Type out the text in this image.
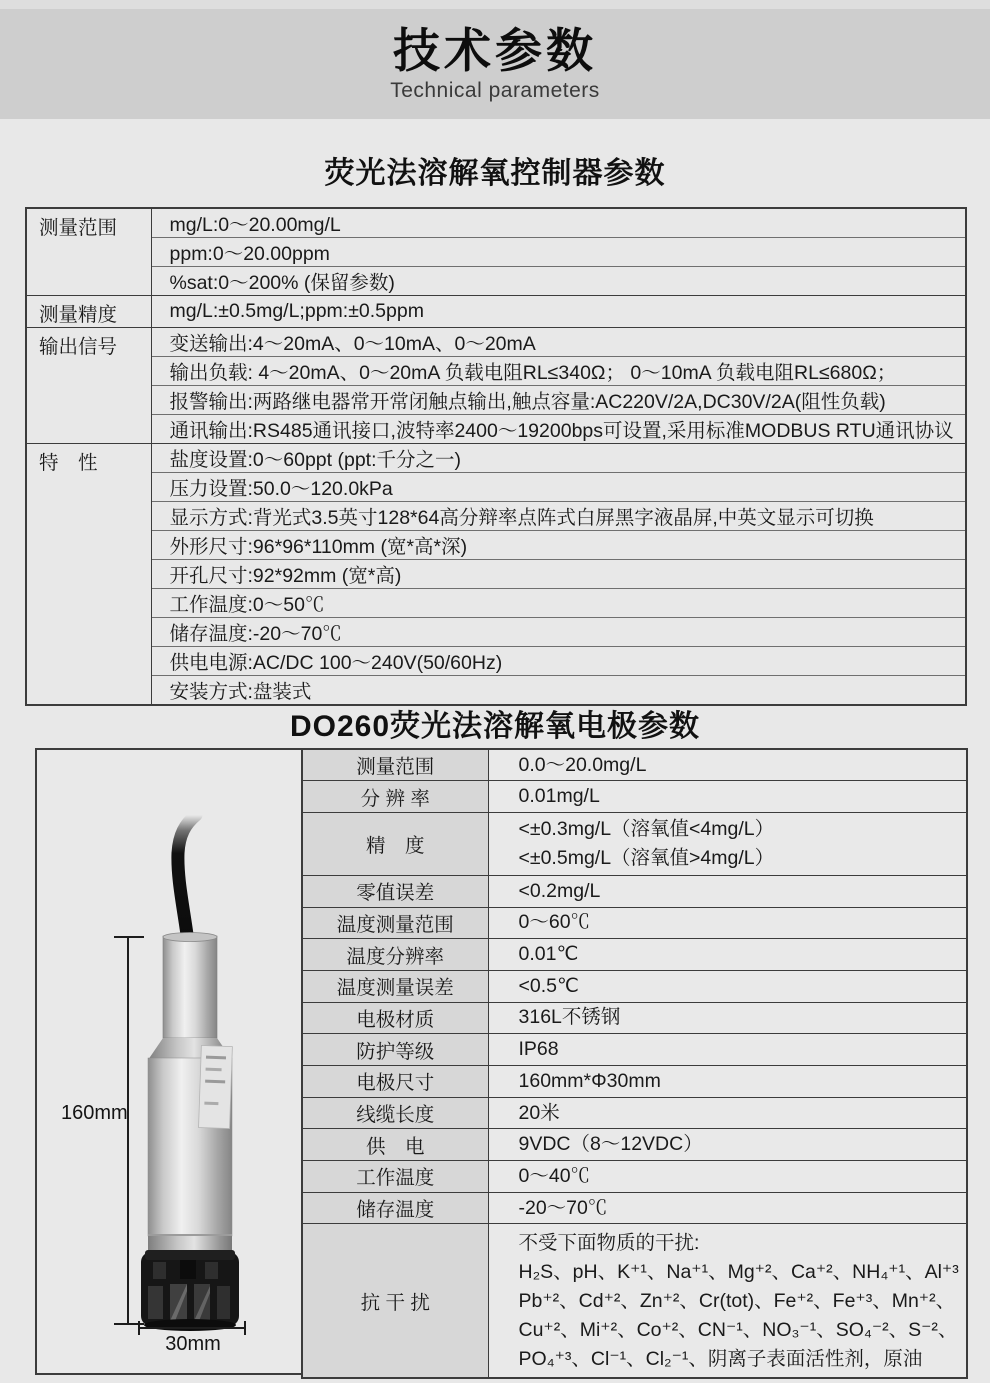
技术参数
Technical parameters
荧光法溶解氧控制器参数
测量范围	mg/L:0～20.00mg/L
	ppm:0～20.00ppm
	%sat:0～200% (保留参数)
测量精度	mg/L:±0.5mg/L;ppm:±0.5ppm
输出信号	变送输出:4～20mA、0～10mA、0～20mA
	输出负载: 4～20mA、0～20mA 负载电阻RL≤340Ω； 0～10mA 负载电阻RL≤680Ω；
	报警输出:两路继电器常开常闭触点输出,触点容量:AC220V/2A,DC30V/2A(阻性负载)
	通讯输出:RS485通讯接口,波特率2400～19200bps可设置,采用标准MODBUS RTU通讯协议
特　性	盐度设置:0～60ppt (ppt:千分之一)
	压力设置:50.0～120.0kPa
	显示方式:背光式3.5英寸128*64高分辩率点阵式白屏黑字液晶屏,中英文显示可切换
	外形尺寸:96*96*110mm (宽*高*深)
	开孔尺寸:92*92mm (宽*高)
	工作温度:0～50℃
	储存温度:-20～70℃
	供电电源:AC/DC 100～240V(50/60Hz)
	安装方式:盘装式
DO260荧光法溶解氧电极参数
160mm
30mm
测量范围	0.0～20.0mg/L

分 辨 率	0.01mg/L

精　度	<±0.3mg/L（溶氧值<4mg/L）
<±0.5mg/L（溶氧值>4mg/L）

零值误差	<0.2mg/L

温度测量范围	0～60℃

温度分辨率	0.01℃

温度测量误差	<0.5℃

电极材质	316L不锈钢

防护等级	IP68

电极尺寸	160mm*Φ30mm

线缆长度	20米

供　电	9VDC（8～12VDC）

工作温度	0～40℃

储存温度	-20～70℃

抗 干 扰	不受下面物质的干扰:
H₂S、pH、K⁺¹、Na⁺¹、Mg⁺²、Ca⁺²、NH₄⁺¹、Al⁺³
Pb⁺²、Cd⁺²、Zn⁺²、Cr(tot)、Fe⁺²、Fe⁺³、Mn⁺²、
Cu⁺²、Mi⁺²、Co⁺²、CN⁻¹、NO₃⁻¹、SO₄⁻²、S⁻²、
PO₄⁺³、Cl⁻¹、Cl₂⁻¹、阴离子表面活性剂，原油
